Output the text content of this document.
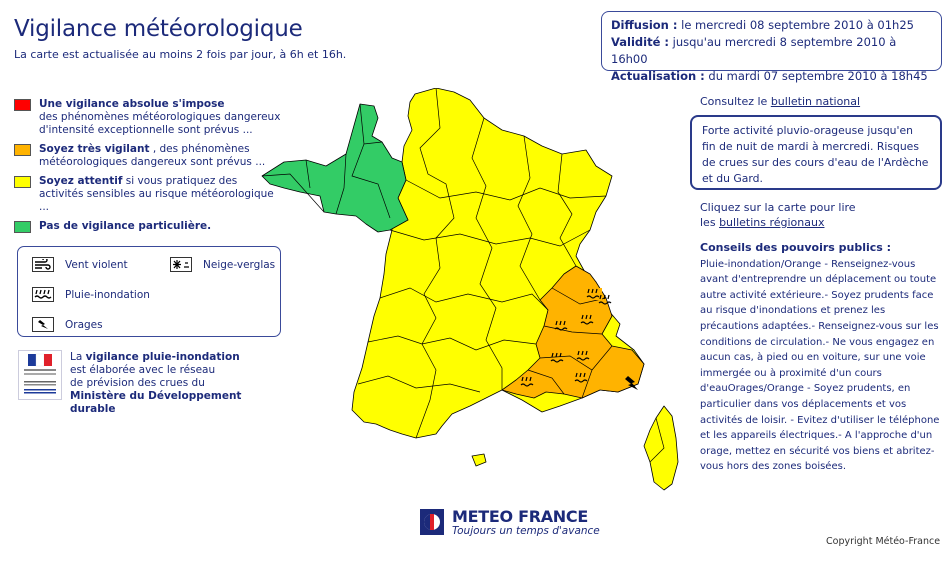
Vigilance météorologique
La carte est actualisée au moins 2 fois par jour, à 6h et 16h.
Diffusion : le mercredi 08 septembre 2010 à 01h25
Validité : jusqu'au mercredi 8 septembre 2010 à 16h00
Actualisation : du mardi 07 septembre 2010 à 18h45
Une vigilance absolue s'impose
des phénomènes météorologiques dangereux d'intensité exceptionnelle sont prévus ...
Soyez très vigilant , des phénomènes météorologiques dangereux sont prévus ...
Soyez attentif si vous pratiquez des activités sensibles au risque météorologique ...
Pas de vigilance particulière.
Vent violent	Neige-verglas
Pluie-inondation
Orages
La vigilance pluie-inondation
est élaborée avec le réseau
de prévision des crues du
Ministère du Développement durable
Consultez le bulletin national
Forte activité pluvio-orageuse jusqu'en fin de nuit de mardi à mercredi. Risques de crues sur des cours d'eau de l'Ardèche et du Gard.
Cliquez sur la carte pour lire
les bulletins régionaux
Conseils des pouvoirs publics :
Pluie-inondation/Orange - Renseignez-vous avant d'entreprendre un déplacement ou toute autre activité extérieure.- Soyez prudents face au risque d'inondations et prenez les précautions adaptées.- Renseignez-vous sur les conditions de circulation.- Ne vous engagez en aucun cas, à pied ou en voiture, sur une voie immergée ou à proximité d'un cours d'eauOrages/Orange - Soyez prudents, en particulier dans vos déplacements et vos activités de loisir. - Evitez d'utiliser le téléphone et les appareils électriques.- A l'approche d'un orage, mettez en sécurité vos biens et abritez-vous hors des zones boisées.
METEO FRANCE
Toujours un temps d'avance
Copyright Météo-France
